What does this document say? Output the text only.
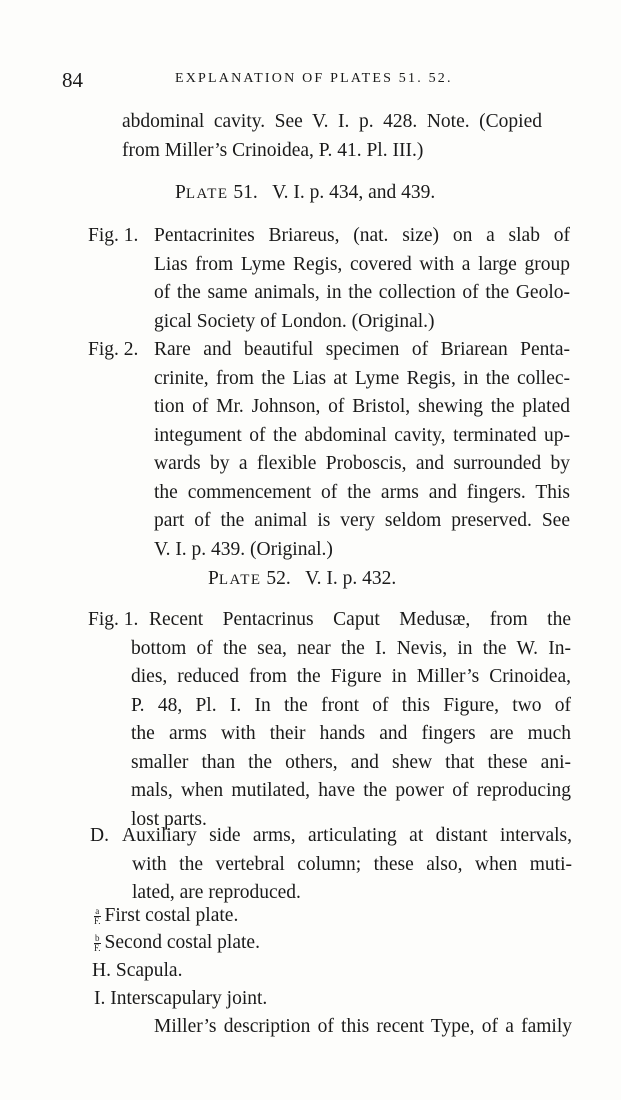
84	EXPLANATION OF PLATES 51. 52.
abdominal cavity. See V. I. p. 428. Note. (Copied
from Miller’s Crinoidea, P. 41. Pl. III.)
PLATE 51. V. I. p. 434, and 439.
Fig. 1. Pentacrinites Briareus, (nat. size) on a slab of
Lias from Lyme Regis, covered with a large group
of the same animals, in the collection of the Geolo-
gical Society of London. (Original.)
Fig. 2. Rare and beautiful specimen of Briarean Penta-
crinite, from the Lias at Lyme Regis, in the collec-
tion of Mr. Johnson, of Bristol, shewing the plated
integument of the abdominal cavity, terminated up-
wards by a flexible Proboscis, and surrounded by
the commencement of the arms and fingers. This
part of the animal is very seldom preserved. See
V. I. p. 439. (Original.)
PLATE 52. V. I. p. 432.
Fig. 1. Recent Pentacrinus Caput Medusæ, from the
bottom of the sea, near the I. Nevis, in the W. In-
dies, reduced from the Figure in Miller’s Crinoidea,
P. 48, Pl. I. In the front of this Figure, two of
the arms with their hands and fingers are much
smaller than the others, and shew that these ani-
mals, when mutilated, have the power of reproducing
lost parts.
D. Auxiliary side arms, articulating at distant intervals,
with the vertebral column; these also, when muti-
lated, are reproduced.
$\frac{a}{F.}$ First costal plate.
$\frac{b}{F.}$ Second costal plate.
H. Scapula.
I. Interscapulary joint.
Miller’s description of this recent Type, of a family
